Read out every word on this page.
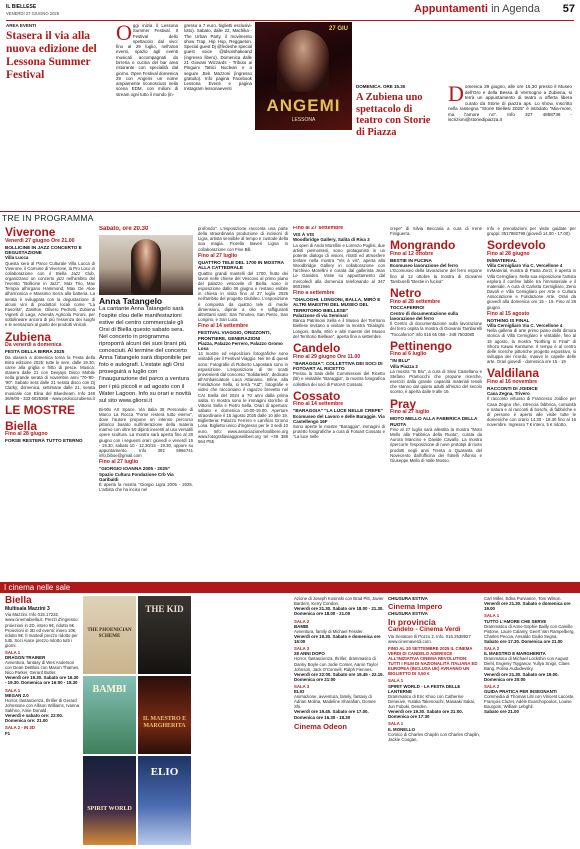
IL BIELLESE
VENERDÌ 27 GIUGNO 2025	Appuntamenti in Agenda	57
AREA EVENTI
Stasera il via alla nuova edizione del Lessona Summer Festival
Oggi inizia il Lessona Summer Festival. Il Festival dello spettacolo dal vivo: fino al 29 luglio, nell'area eventi, spazio agli eventi musicali accompagnati da birreria e cucina del bar area ristorante con specialità dal giorno. Open Festival domenica 28 con Angemi un nome ampiamente riconosciuto nella scena EDM, con milioni di stream ogni tutto il mondo (in-
gresso a 7 euro, biglietti esclusivi-lotto). Sabato, dalle 22, Machika - The Urban Party, il movimento show Trap, Hip Hop, Reggaeton. Special guest Dj @fedeshe special guest voice @tdsoishakeand (ingresso libero). Domenica dalle 21 Giovani Wizzards - Tributo ai Pinguini Tattici Nucleari e a seguire Jtek Mazzoni (ingresso gratuito). Info pagina Facebook Lessona Eventi e pagina Instagram lessonaeventi
27 GIU
ANGEMI
LESSONA
DOMENICA. ORE 15.30
A Zubiena uno spettacolo di teatro con Storie di Piazza
Domenica 29 giugno, alle ore 15,30 presso il Museo dell'Oro e della Bessa di Vermogno a Zubiena, si terrà un appuntamento di teatro a offerta libera curato da Storie di piazza aps. Lo show, inscritto nella rassegna "Storie Biellesi 2025" è intitolato "Mia-more, ma l'amore no". Info 327 4858736 - iscrizioni@storiedipiazza.it
TRE IN PROGRAMMA
Viverone
Venerdì 27 giugno Ore 21.00
BOLLICINE IN JAZZ CONCERTO E DEGUSTAZIONE
Villa Lucca
Questa sera al Parco Culturale Villa Lucca di Viverone, il Comune di Viverone, la Pro Loco in collaborazione con il Biella Jazz Club, organizzano un concerto jazz nell'ambito del l'evento "Bollicine in Jazz". Max Trio, Max Tempia all'organo Hammond, Max De Aloe all'armonica e Massimo Serra alla batteria. La serata è sviluppata con la degustazione di alcuni vini di produttori locali come "La Favorita", Zanitton, Olivero Pedrotti, Zubiena Vigneti di Lago, Azienda Agricola Poroni, per sottolineare ancora di più l'essenza dei luoghi e le sensazioni al gusto dei prodotti vinicoli.
Zubiena
Da venerdì a domenica
FESTA DELLA BIRRA 2025
Da stasera a domenica torna la Festa della Birra edizione 2025: tutte le sere, dalle 19.30, carne alla griglia e fritto di pesce. Musica: stasera dalle 21 con Deejays Disco Mobile nella grande serata di novembre anni "70-'80-'90". Sabato sera dalle 21 serata disco con Dj Clarky; domenica, settimane dalle 21, serata musicale con Elina del Bluedream. Info 348 36/9/09 - 333 6025368 - www.prolocozubiena.it
LE MOSTRE
Biella
Fino al 28 giugno
FORSE RESTERÀ TUTTO ETERNO
Sabato, ore 20.30
Anna Tatangelo
La cantante Anna Tatangelo sarà l'ospite clou delle manifestazioni estive del centro commerciale gli Orsi di Biella questo sabato sera. Nel concerto in programma riproporrà alcuni dei suoi brani più conosciuti. Al termine del concerto Anna Tatangelo sarà disponibile per foto e autografi. L'estate agli Orsi proseguirà a luglio con l'inaugurazione del parco a ventura per i più piccoli e ad agosto con il Water Lagoon. Info su orari e novità sul sito www.gliorsi.it
Bi-90x Art Space. Via Italia 38 Personale di Marco La Rocca "Forse resterà tutto eterno", dove l'autore propone un intenso percorso pittorico basato sull'interazione della materia marmo con oltre 50 dipinti inerenti al uso versatili opere scultura. La mostra sarà aperta fino al 28 giugno con i seguenti orari: giovedì e venerdì 15 - 19.30, sabato 10 - 12.30/15 - 19.30, oppure su appuntamento. Info 392 5966741 info.biboe@gmail.com
Fino al 27 luglio
"GIORGIO IOANNA 2005 - 2025"
Spazio Cultura Fondazione Crb Via Garibaldi
È aperta la mostra "Giorgio Ligra 2005 - 2025. L'artista che ha inciso nel
profondo". L'esposizione racconta una parte della straordinaria produzione di incisioni di Ligra, artista sensibile al tempo e custode della sua magia. Fiorella Baveri Ligna in collaborazione con Fine Bill.
Fino al 27 luglio
QUATTRO TELE DEL 1700 IN MOSTRA ALLA CATTEDRALE
Quattro grandi mantelli del 1700, frutto dei lavori nelle chiese del Vescovo al primo piano del palazzo vescovile di Biella, sono in esposizione dallo 06 giugno e restano esibite in chiesa in visita fino al 27 luglio 2025 nell'ambito del progetto Giubileo. L'esposizione è composta da quattro tele di medie dimensioni, dipinte a olio e raffiguranti altrettanti santi: San Timoteo, San Pietro, San Longino, e San Luca.
Fino al 14 settembre
FESTIVAL VIAGGIO, ORIZZONTI, FRONTIERE, GENERAZIONI
Piazza, Palazzo Ferrero, Palazzo Gromo Losa
14 mostre ed esposizioni fotografiche sono visitabili per il Festival Viaggio. Nei tre di questi sono: Fotografie di Roberto Lapostata sono in esposizione. L'esposizione di tre scatti provenienti dal concorso "Solidarietà", dedicato all'Ambasciatore Luca Attanasio. Infine, alla Fondazione Sella, si terrà "AIZ", fotografie e video che raccontano il ragazzo brevetto nel CAI Biella del 2024 a 70 anni dalla prima salita. In mostra sono le immagini storiche di Vittorio Sella e Pietro Sella. Orari di apertura: sabato e domenica 10.00-19.00. Aperture straordinarie il 15 agosto 2025 dalle 10 alle 19. Biglietteria: Palazzo Ferrero e Lanificio Gromo Losa. Biglietto unico d'ingresso per le 3 sedi 10 euro. Info: www.associazionefotolibere.org www.fotografiaviaggioseliberi.org tel +39 388 564 P55
Fino al 27 settembre
VIS À VIS
Woodbridge Gallery, Salita di Riva 3
La open di Ando Morellini e Lorenzo Puglisi, due artisti piemontesi, sono protagonisti in un potente dialogo di visioni, ritratti ed atmosfere tentare nella mostra "Vis à vis", aperta alla Woodbridge Gallery in collaborazione con l'archivio Morellini e curata dal gallerista Jean Le Gaviden. Visite su appuntamento dal mercoledì alla domenica telefonando al 347 8601966
Fino a settembre
"DIALOGHI. LONGONI, BALLA, MIRÒ E ALTRI MAESTRI DEL MUSEO DEL TERRITORIO BIELLESE"
Palazzone di via Seminari
Banca Patrimoni Sella e il Museo del Territorio Biellese invitano a visitare la mostra "Dialoghi. Longoni, Balla, Mirò e altri maestri del Museo del Territorio Biellese", aperta fino a settembre.
Candelo
Fino al 29 giugno Ore 11.00
"BARAGGIA": COLLETTIVA DEI SOCI DI FOTOART AL RICETTO
Presso la Sala delle Commissioni del Ricetto (Bi) e visitabile "Baraggia", la mostra fotografica collettiva dei soci di FotoArt Cossato.
Cossato
Fino al 14 settembre
"BARAGGIA" "LA LUCE NELLE CREPE"
Ecomuseo del Lavoro e delle Baraggie. Via Castellengo 16F
Sono aperte le mostre "Baraggia", immagini di protetto fotografiche a cura di Fotoart Cossato e "La luce nelle
crepe" di Silvia Beccaria a cura di Irene Finiguerra.
Mongrando
Fino al 12 ottobre
BESTIE IN FUCINA
Ecomuseo lavorazione del ferro
L'Ecomuseo della lavorazione del ferro espone fino al 12 ottobre la mostra di Giovanni Tamburelli "Bestie in fucina"
Netro
Fino al 28 settembre
TOCCAFERRO!
Centro di documentazione sulla lavorazione del ferro
Il Centro di documentazione sulla lavorazione del ferro ospita la mostra di Giovanni Tamburelli "Toccaferro!" Info 015 65 056 - 348 7503080
Pettinengo
Fino al 6 luglio
"IN BLU"
Villa Piazza 2
La mostra "In Blu", a cura di Sissi Castellano e Stefano Pramocchi che propone ricerche, esercizi dalla grande capacità materiali tessili che stanno dal quieto adulti all'inizio del secolo scorso, è aperta dalle 9 alle 19.
Pray
Fino al 27 luglio
MOTO MELLO ALLA FABBRICA DELLA RUOTA
Fino al 27 luglio sarà allestita la mostra "Moto Mello alla Fabbrica della Ruota", curata da Aurora Mancino e Davide Cavallo. La mostra ripercorre l'esposizione di nove prototipi di moto prodotti negli anni Trenta a Quaranta del Novecento dall'officina dei fratelli Alfonso e Giuseppe Mello di Valle Mosso.
Info e prenotazioni per visite guidate per gruppi: 3517882799 (giovedì 14.00 - 17.00).
Sordevolo
Fino al 28 giugno
IN/MATERIAL
Villa Cernigliaro Via C. Vercellone 4
In/Material, mostra di Paola Zorzi, è aperta in Villa Cernigliaro. Nella sua esposizione l'artista esplora il confine labile tra l'immateriale e il materiale. A cura di Carlotta Cernigliaro, Zeno Davoli e Villa Cernigliaro per Arte e Cultura Associazione e Fondazione Arte. Orari da giovedì alla domenica ore 15 - 19. Fino al 28 giugno
Fino al 15 agosto
NOTHING IS FINAL
Villa Cernigliaro Via C. Vercellone 4
Nella galleria di arte primo piano della dimora storica di Villa Cernigliaro è visitabile, fino al 15 agosto, la mostra "Nothing is Final" di Shozo Kawai Kunitume. Il tempo è al centro delle ricerche pittoriche progetto espositivo, si sviluppa dei ricordo, mauve le capelle delle arte. Orari giovedì - domenica ore 15 - 19
Valdilana
Fino al 16 novembre
RACCONTI DI JOIDICE
Casa Zegna, Trivero
Il racconto virtuoso di Francesco Joidice per Casa Zegna che, intreccia fabbrica, comunità e natura e al racconti di boschi, di fabbriche e di persone è aperto alle visite tutte le domeniche con orario 14.30 - 18.30 fino al 16 novembre. Ingresso 7 € intero, 5 € ridotto.
I cinema nelle sale
Biella
Multisala Mazzini 3
Via Mazzini. Info 015.17232. www.cinemabiella.it. Prezzi d'ingresso: proiezioni in 2D, intero 8€, ridotto 6€. Proiezioni in 3D ed eventi: intero 10€, ridotto 8€. Il martedì prezzo ridotto per tutti. Soci Aiace prezzo ridotto tutti i giorni.
SALA 1
DRAGON TRAINER
Avventura, fantasy di Wes Anderson con Dean DeBlois con Mason Thames, Nico Parker, Gerard Butler.
Venerdì ore 19.30. Sabato ore 16.30 - 19.30. Domenica ore 16:00 - 18.30
SALA 1
MEGAN 2.0
Horror, fantascienza, thriller di Gerard Johnstone con Allison Williams, Ivanna Sakhno, Amie Donald.
Venerdì e sabato ore: 22:00. Domenica ore: 21.00
SALA 2 - IN 3D
F1
THE PHOENICIAN SCHEME
THE KID
BAMBI
IL MAESTRO E MARGHERITA
SPIRIT WORLD
ELIO
Azione di Joseph Kosinski con Brad Pitt, Javier Bardem, Kerry Condon.
Venerdì ore 21.30. Sabato ore 18.00 - 21.30. Domenica ore 18.00 - 21.00
SALA 2
BAMBI
Avventura, family di Michael Fessler.
Venerdì ore 19.30. Sabato e domenica ore 16:00
SALA 3
28 ANNI DOPO
Horror, fantascienza, thriller, drammatico di Danny Boyle con Jodie Comer, Aaron Taylor Johnson, Jack O'Connell, Ralph Fiennes.
Venerdì ore 22:00. Sabato ore 19.45 - 22.15. Domenica ore 21:00
SALA 3
ELIO
Animazione, avventura, family, fantasy di Adrian Molina, Madeline Sharafian, Domee Shi.
Venerdì ore 19.45. Sabato ore 17.00. Domenica ore 16.30 - 18.30
Cinema Odeon
CHIUSURA ESTIVA
Cinema Impero
CHIUSURA ESTIVA
In provincia
Candelo - Cinema Verdi
Via Senatore Ili Pozzo 2. Info. 015.2538927 www.cinemaverdi.com.
FINO AL 20 SETTEMBRE 2025 IL CINEMA VERDI DI CANDELO ADERISCE ALL'INIZIATIVA CINEMA REVOLUTION: TUTTI I FILM DI NAZIONALITÀ ITALIANA ED EUROPEA (INCLUSA UK) AVRANNO UN BIGLIETTO DI 3,50 €
SALA 1
SPIRIT WORLD - LA FESTA DELLE LANTERNE
Drammatico di Eric Khoo con Catherine Deneuve, Yutaka Takenouchi, Masaaki Sakai, Jun Fubuki, Denden.
Venerdì ore 19.30. Sabato ore 21:00. Domenica ore 17:30
SALA 1
IL MONELLO
Comico di Charles Chaplin con Charles Chaplin, Jackie Coogan,
Carl Miller, Edna Purviance, Tom Wilson.
Venerdì ore 21.30. Sabato e domenica ore 19.00
SALA 1
TUTTO L'AMORE CHE SERVE
Drammatico di Anne-Sophie Bailly con Camille Pistone, Laure Calamy, Geert Van Rampelberg, Charles Peccia, Ansaldo Giulio Segna.
Sabato ore 17.30. Domenica ore 21.00
SALA 2
IL MAESTRO E MARGHERITA
Drammatico di Michael Lockshin con August Diehl, Evgeniy Tsyganov, Yuliya Snigir, Claes Bang, Polina Aududevsky.
Venerdì ore 21.30. Sabato ore 19.00. Domenica ore 20:00
SALA 2
GUIDA PRATICA PER INSEGNANTI
Commedia di Thomas Lilti con Vincent Lacoste, François Cluzet, Adèle Exarchopoulos, Louise Bourgoin, William Lebghil.
Sabato ore 21.00
